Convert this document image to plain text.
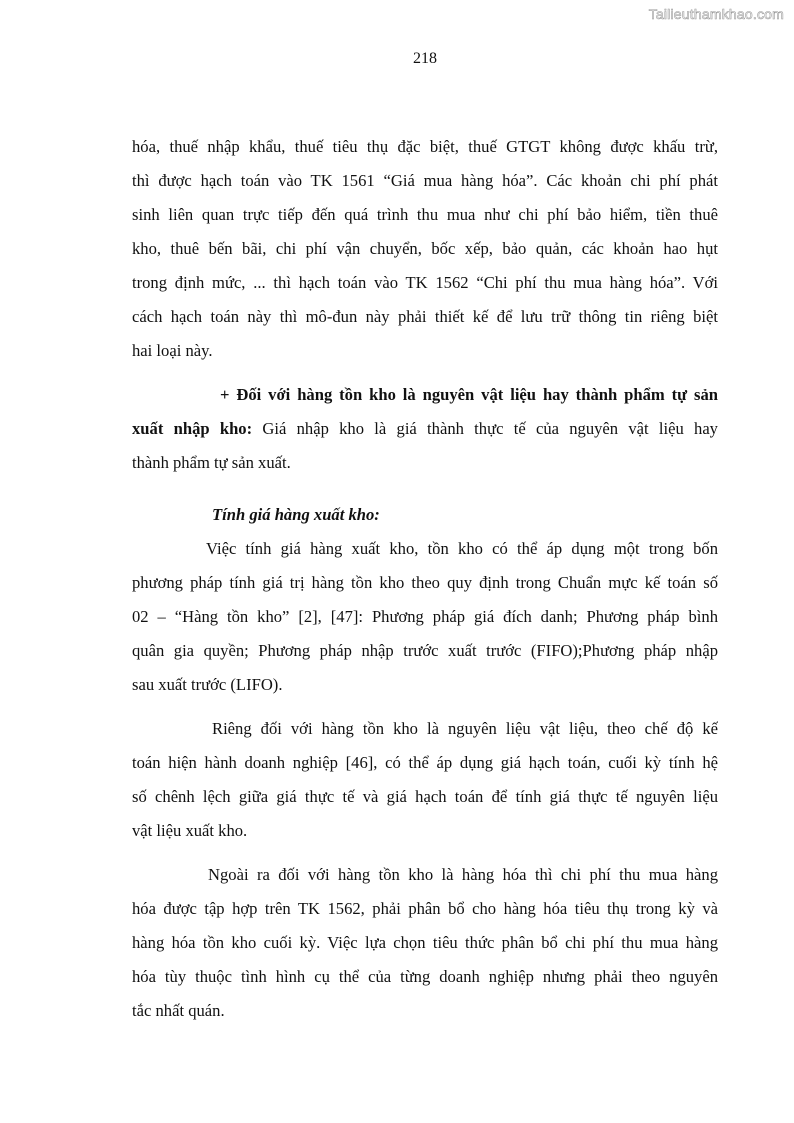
Tailieuthamkhao.com
218
hóa, thuế nhập khẩu, thuế tiêu thụ đặc biệt, thuế GTGT không được khấu trừ,
thì được hạch toán vào TK 1561 “Giá mua hàng hóa”. Các khoản chi phí phát
sinh liên quan trực tiếp đến quá trình thu mua như chi phí bảo hiểm, tiền thuê
kho, thuê bến bãi, chi phí vận chuyển, bốc xếp, bảo quản, các khoản hao hụt
trong định mức, ... thì hạch toán vào TK 1562 “Chi phí thu mua hàng hóa”. Với
cách hạch toán này thì mô-đun này phải thiết kế để lưu trữ thông tin riêng biệt
hai loại này.
+ Đối với hàng tồn kho là nguyên vật liệu hay thành phẩm tự sản
xuất nhập kho: Giá nhập kho là giá thành thực tế của nguyên vật liệu hay
thành phẩm tự sản xuất.
Tính giá hàng xuất kho:
Việc tính giá hàng xuất kho, tồn kho có thể áp dụng một trong bốn
phương pháp tính giá trị hàng tồn kho theo quy định trong Chuẩn mực kế toán số
02 – “Hàng tồn kho” [2], [47]: Phương pháp giá đích danh; Phương pháp bình
quân gia quyền; Phương pháp nhập trước xuất trước (FIFO);Phương pháp nhập
sau xuất trước (LIFO).
Riêng đối với hàng tồn kho là nguyên liệu vật liệu, theo chế độ kế
toán hiện hành doanh nghiệp [46], có thể áp dụng giá hạch toán, cuối kỳ tính hệ
số chênh lệch giữa giá thực tế và giá hạch toán để tính giá thực tế nguyên liệu
vật liệu xuất kho.
Ngoài ra đối với hàng tồn kho là hàng hóa thì chi phí thu mua hàng
hóa được tập hợp trên TK 1562, phải phân bổ cho hàng hóa tiêu thụ trong kỳ và
hàng hóa tồn kho cuối kỳ. Việc lựa chọn tiêu thức phân bổ chi phí thu mua hàng
hóa tùy thuộc tình hình cụ thể của từng doanh nghiệp nhưng phải theo nguyên
tắc nhất quán.
